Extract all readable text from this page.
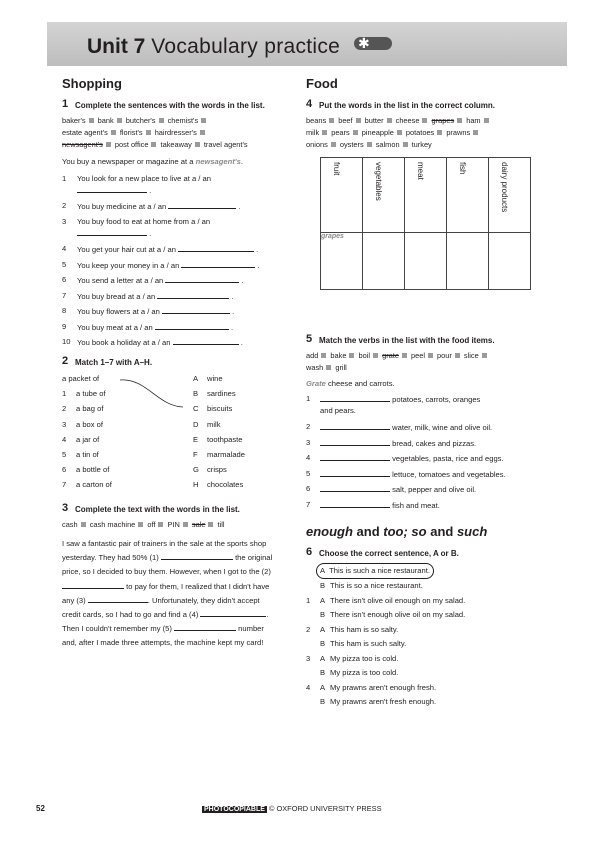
Unit 7 Vocabulary practice ✱
Shopping
1 Complete the sentences with the words in the list.
baker's bank butcher's chemist's
estate agent's florist's hairdresser's
newsagent's post office takeaway travel agent's
You buy a newspaper or magazine at a newsagent's.
1 You look for a new place to live at a / an
.
2 You buy medicine at a / an	.
3 You buy food to eat at home from a / an
.
4 You get your hair cut at a / an	.
5 You keep your money in a / an	.
6 You send a letter at a / an	.
7 You buy bread at a / an	.
8 You buy flowers at a / an	.
9 You buy meat at a / an	.
10 You book a holiday at a / an	.
2 Match 1–7 with A–H.
a packet of
1 a tube of
2 a bag of
3 a box of
4 a jar of
5 a tin of
6 a bottle of
7 a carton of
A wine
B sardines
C biscuits
D milk
E toothpaste
F marmalade
G crisps
H chocolates
3 Complete the text with the words in the list.
cash cash machine off PIN sale till
I saw a fantastic pair of trainers in the sale at the sports shop yesterday. They had 50% (1)	the original price, so I decided to buy them. However, when I got to the (2)  to pay for them, I realized that I didn't have any (3)	. Unfortunately, they didn't accept credit cards, so I had to go and find a (4)	. Then I couldn't remember my (5)	number and, after I made three attempts, the machine kept my card!
Food
4 Put the words in the list in the correct column.
beans beef butter cheese grapes ham
milk pears pineapple potatoes prawns
onions oysters salmon turkey
fruit	vegetables	meat	fish	dairy products

grapes				
5 Match the verbs in the list with the food items.
add bake boil grate peel pour slice
wash grill
Grate cheese and carrots.
1	potatoes, carrots, oranges
and pears.
2	water, milk, wine and olive oil.
3	bread, cakes and pizzas.
4	vegetables, pasta, rice and eggs.
5	lettuce, tomatoes and vegetables.
6	salt, pepper and olive oil.
7	fish and meat.
enough and too; so and such
6 Choose the correct sentence, A or B.
A This is such a nice restaurant.
B This is so a nice restaurant.
1 A There isn't olive oil enough on my salad.
B There isn't enough olive oil on my salad.
2 A This ham is so salty.
B This ham is such salty.
3 A My pizza too is cold.
B My pizza is too cold.
4 A My prawns aren't enough fresh.
B My prawns aren't fresh enough.
52	PHOTOCOPIABLE © OXFORD UNIVERSITY PRESS
